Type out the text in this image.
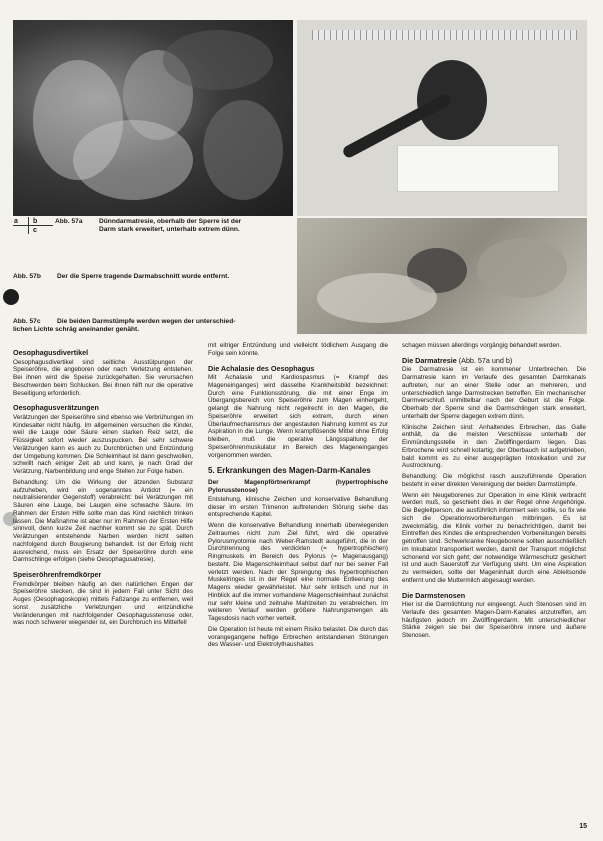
a b
c
Abb. 57a	Dünndarmatresie, oberhalb der Sperre ist der
Darm stark erweitert, unterhalb extrem dünn.
Abb. 57b Der die Sperre tragende Darmabschnitt wurde entfernt.
Abb. 57c	Die beiden Darmstümpfe werden wegen der unterschied-
lichen Lichte schräg aneinander genäht.
Oesophagusdivertikel

Oesophagusdivertikel sind seitliche Ausstülpungen der Speiseröhre, die angeboren oder nach Verletzung entstehen. Bei ihnen wird die Speise zurückgehalten. Sie verursachen Beschwerden beim Schlucken. Bei ihnen hilft nur die operative Beseitigung erforderlich.

Oesophagusverätzungen

Verätzungen der Speiseröhre sind ebenso wie Verbrühungen im Kindesalter nicht häufig. Im allgemeinen versuchen die Kinder, weil die Lauge oder Säure einen starken Reiz setzt, die Flüssigkeit sofort wieder auszuspucken. Bei sehr schwere Verätzungen kann es auch zu Durchbrüchen und Entzündung der Umgebung kommen. Die Schleimhaut ist dann geschwollen, schwillt nach einiger Zeit ab und kann, je nach Grad der Verätzung, Narbenbildung und enge Stellen zur Folge haben.

Behandlung: Um die Wirkung der ätzenden Substanz aufzuheben, wird ein sogenanntes Antidot (= ein neutralisierender Gegenstoff) verabreicht: bei Verätzungen mit Säuren eine Lauge, bei Laugen eine schwache Säure. Im Rahmen der Ersten Hilfe sollte man das Kind reichlich trinken lassen. Die Maßnahme ist aber nur im Rahmen der Ersten Hilfe sinnvoll, denn kurze Zeit nachher kommt sie zu spät. Durch Verätzungen entstehende Narben werden nicht selten nachfolgend durch Bougierung behandelt. Ist der Erfolg nicht ausreichend, muss ein Ersatz der Speiseröhre durch eine Darmschlinge erfolgen (siehe Oesophagusatresie).

Speiseröhrenfremdkörper

Fremdkörper bleiben häufig an den natürlichen Engen der Speiseröhre stecken, die sind in jedem Fall unter Sicht des Auges (Oesophagoskopie) mittels Faßzange zu entfernen, weil sonst zusätzliche Verletzungen und entzündliche Veränderungen mit nachfolgender Oesophagusstenose oder, was noch schwerer wiegender ist, ein Durchbruch ins Mittelfell

mit eitriger Entzündung und vielleicht tödlichem Ausgang die Folge sein könnte.

Die Achalasie des Oesophagus

Mit Achalasie und Kardiospasmus (= Krampf des Mageneinganges) wird dasselbe Krankheitsbild bezeichnet: Durch eine Funktionsstörung, die mit einer Enge im Übergangsbereich von Speiseröhre zum Magen einhergeht, gelangt die Nahrung nicht regelrecht in den Magen, die Speiseröhre erweitert sich extrem, durch einen Überlaufmechanismus der angestauten Nahrung kommt es zur Aspiration in die Lunge. Wenn krampflösende Mittel ohne Erfolg bleiben, muß die operative Längsspaltung der Speiseröhrenmuskulatur im Bereich des Mageneinganges vorgenommen werden.

5. Erkrankungen des Magen-Darm-Kanales
Der Magenpförtnerkrampf (hypertrophische Pylorusstenose)

Entstehung, klinische Zeichen und konservative Behandlung dieser im ersten Trimenon auftretenden Störung siehe das entsprechende Kapitel.

Wenn die konservative Behandlung innerhalb überwiegenden Zeitraumes nicht zum Ziel führt, wird die operative Pylorusmyotomie nach Weber-Ramstedt ausgeführt, die in der Durchtrennung des verdickten (= hypertrophischen) Ringmuskels im Bereich des Pylorus (= Magenausgang) besteht. Die Magenschleimhaut selbst darf nur bei seiner Fall verletzt werden. Nach der Sprengung des hypertrophischen Muskelringes ist in der Regel eine normale Entleerung des Magens wieder gewährleistet. Nur sehr kritisch und nur in Hinblick auf die immer vorhandene Magenschleimhaut zunächst nur sehr kleine und zeitnahe Mahlzeiten zu verabreichen. Im weiteren Verlauf werden größere Nahrungsmengen als Tagesdosis nach vorher verteilt.

Die Operation ist heute mit einem Risiko belastet. Die durch das vorangegangene heftige Erbrechen entstandenen Störungen des Wasser- und Elektrolythaushaltes

schagen müssen allerdings vorgängig behandelt werden.

Die Darmatresie (Abb. 57a und b)

Die Darmatresie ist ein kommener Unterbrechen. Die Darmatresie kann im Verlaufe des gesamten Darmkanals auftreten, nur an einer Stelle oder an mehreren, und unterschiedlich lange Darmstrecken betreffen. Ein mechanischer Darmverschluß unmittelbar nach der Geburt ist die Folge. Oberhalb der Sperre sind die Darmschlingen stark erweitert, unterhalb der Sperre dagegen extrem dünn.

Klinische Zeichen sind: Anhaltendes Erbrechen, das Galle enthält, da die meisten Verschlüsse unterhalb der Einmündungsstelle in den Zwölffingerdarm liegen. Das Erbrochene wird schnell kotartig, der Oberbauch ist aufgetrieben, bald kommt es zu einer ausgeprägten Intoxikation und zur Austrocknung.

Behandlung: Die möglichst rasch auszuführende Operation besteht in einer direkten Vereinigung der beiden Darmstümpfe.

Wenn ein Neugeborenes zur Operation in eine Klinik verbracht werden muß, so geschieht dies in der Regel ohne Angehörige. Die Begleitperson, die ausführlich informiert sein sollte, so fix wie sich die Operationsvorbereitungen mitbringen. Es ist zweckmäßig, die Klinik vorher zu benachrichtigen, damit bei Eintreffen des Kindes die entsprechenden Vorbereitungen bereits getroffen sind. Schwerkranke Neugeborene sollten ausschließlich im Inkubator transportiert werden, damit der Transport möglichst schonend vor sich geht; der notwendige Wärmeschutz gesichert ist und auch Sauerstoff zur Verfügung steht. Um eine Aspiration zu vermeiden, sollte der Mageninhalt durch eine Ableitsonde entfernt und die Muttermilch abgesaugt werden.

Die Darmstenosen

Hier ist die Darmlichtung nur eingeengt. Auch Stenosen sind im Verlaufe des gesamten Magen-Darm-Kanales anzutreffen, am häufigsten jedoch im Zwölffingerdarm. Mit unterschiedlicher Stärke zeigen sie bei der Speiseröhre innere und äußere Stenosen.

15
